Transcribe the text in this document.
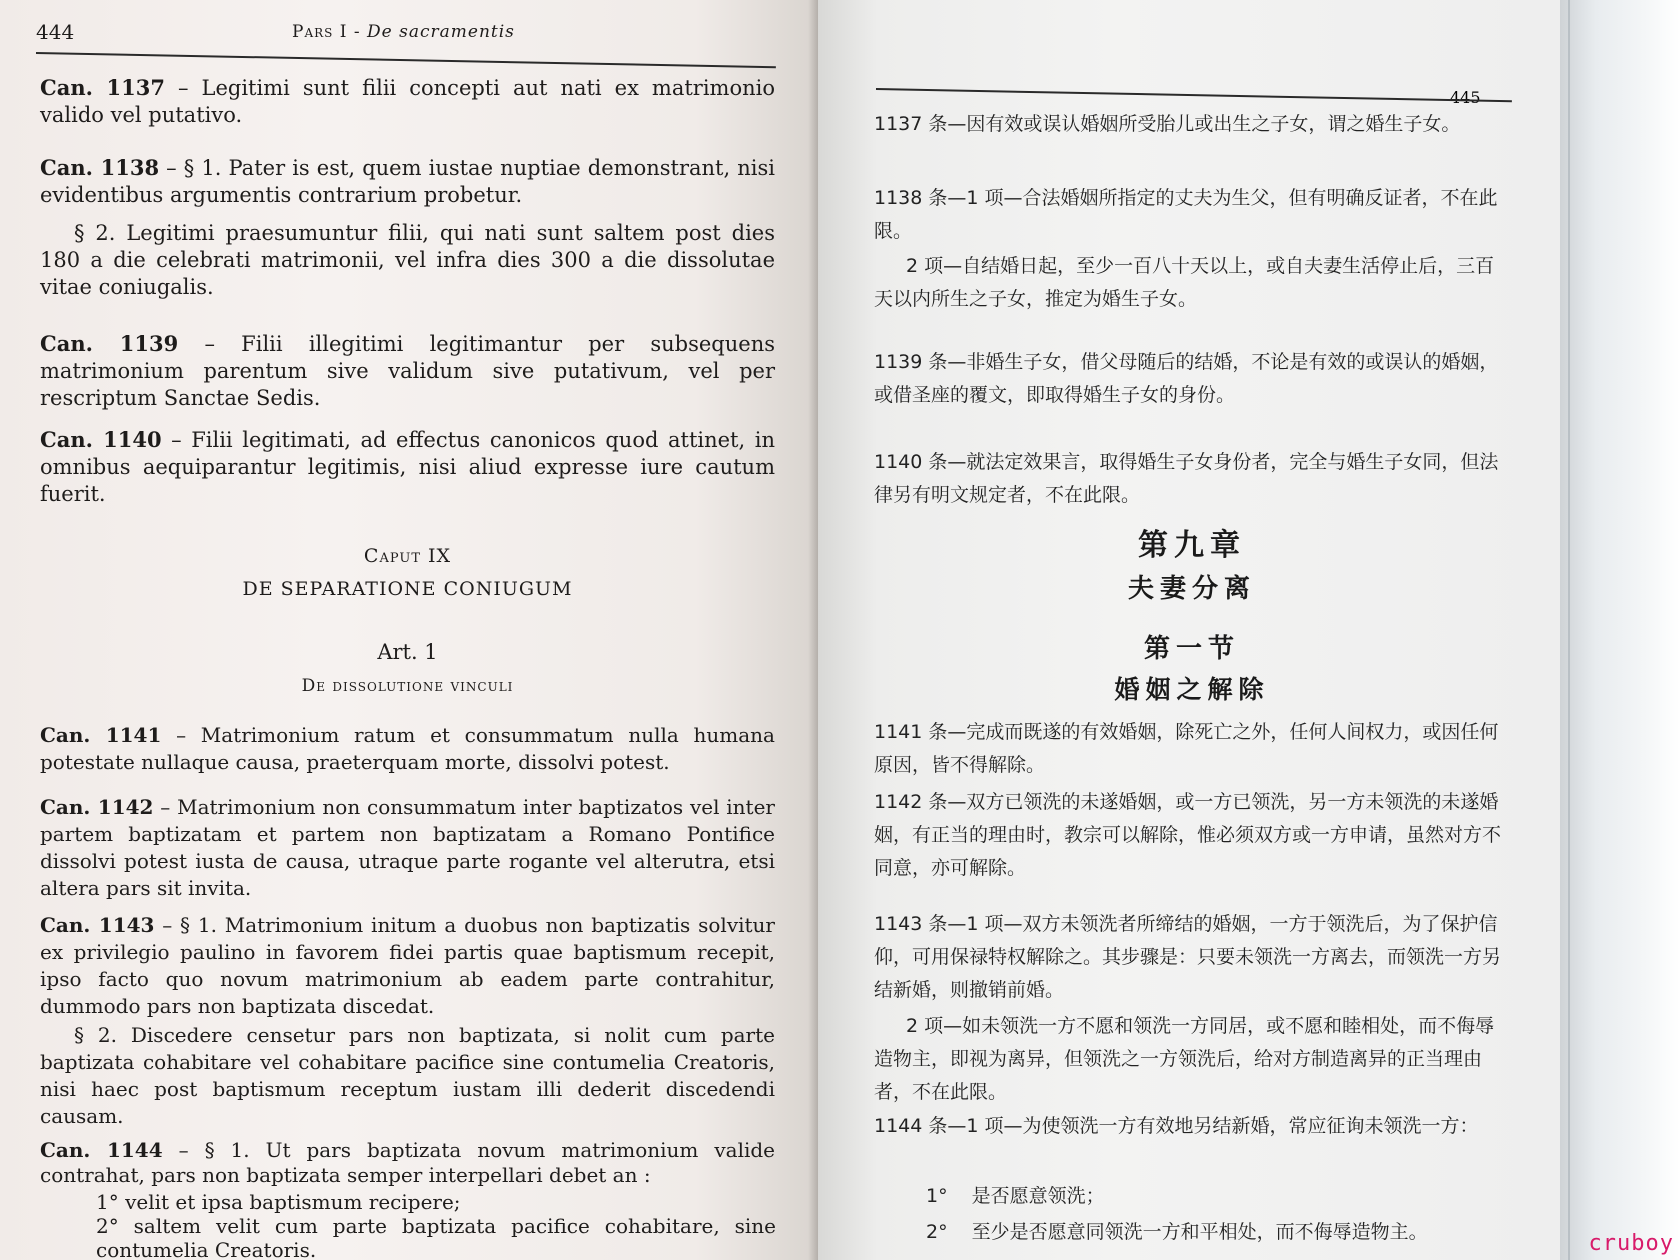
444	Pars I - De sacramentis
Can. 1137 – Legitimi sunt filii concepti aut nati ex matrimonio valido vel putativo.
Can. 1138 – § 1. Pater is est, quem iustae nuptiae demonstrant, nisi evidentibus argumentis contrarium probetur.
§ 2. Legitimi praesumuntur filii, qui nati sunt saltem post dies 180 a die celebrati matrimonii, vel infra dies 300 a die dissolutae vitae coniugalis.
Can. 1139 – Filii illegitimi legitimantur per subsequens matrimonium parentum sive validum sive putativum, vel per rescriptum Sanctae Sedis.
Can. 1140 – Filii legitimati, ad effectus canonicos quod attinet, in omnibus aequiparantur legitimis, nisi aliud expresse iure cautum fuerit.
Caput IX
DE SEPARATIONE CONIUGUM
Art. 1
De dissolutione vinculi
Can. 1141 – Matrimonium ratum et consummatum nulla humana potestate nullaque causa, praeterquam morte, dissolvi potest.
Can. 1142 – Matrimonium non consummatum inter baptizatos vel inter partem baptizatam et partem non baptizatam a Romano Pontifice dissolvi potest iusta de causa, utraque parte rogante vel alterutra, etsi altera pars sit invita.
Can. 1143 – § 1. Matrimonium initum a duobus non baptizatis solvitur ex privilegio paulino in favorem fidei partis quae baptismum recepit, ipso facto quo novum matrimonium ab eadem parte contrahitur, dummodo pars non baptizata discedat.
§ 2. Discedere censetur pars non baptizata, si nolit cum parte baptizata cohabitare vel cohabitare pacifice sine contumelia Creatoris, nisi haec post baptismum receptum iustam illi dederit discedendi causam.
Can. 1144 – § 1. Ut pars baptizata novum matrimonium valide contrahat, pars non baptizata semper interpellari debet an :
1° velit et ipsa baptismum recipere;
2° saltem velit cum parte baptizata pacifice cohabitare, sine contumelia Creatoris.
445
1137 条—因有效或误认婚姻所受胎儿或出生之子女，谓之婚生子女。
1138 条—1 项—合法婚姻所指定的丈夫为生父，但有明确反证者，不在此限。
2 项—自结婚日起，至少一百八十天以上，或自夫妻生活停止后，三百天以内所生之子女，推定为婚生子女。
1139 条—非婚生子女，借父母随后的结婚，不论是有效的或误认的婚姻，或借圣座的覆文，即取得婚生子女的身份。
1140 条—就法定效果言，取得婚生子女身份者，完全与婚生子女同，但法律另有明文规定者，不在此限。
第九章
夫妻分离
第一节
婚姻之解除
1141 条—完成而既遂的有效婚姻，除死亡之外，任何人间权力，或因任何原因，皆不得解除。
1142 条—双方已领洗的未遂婚姻，或一方已领洗，另一方未领洗的未遂婚姻，有正当的理由时，教宗可以解除，惟必须双方或一方申请，虽然对方不同意，亦可解除。
1143 条—1 项—双方未领洗者所缔结的婚姻，一方于领洗后，为了保护信仰，可用保禄特权解除之。其步骤是：只要未领洗一方离去，而领洗一方另结新婚，则撤销前婚。
2 项—如未领洗一方不愿和领洗一方同居，或不愿和睦相处，而不侮辱造物主，即视为离异，但领洗之一方领洗后，给对方制造离异的正当理由者，不在此限。
1144 条—1 项—为使领洗一方有效地另结新婚，常应征询未领洗一方：
1° 是否愿意领洗；
2° 至少是否愿意同领洗一方和平相处，而不侮辱造物主。	cruboy
